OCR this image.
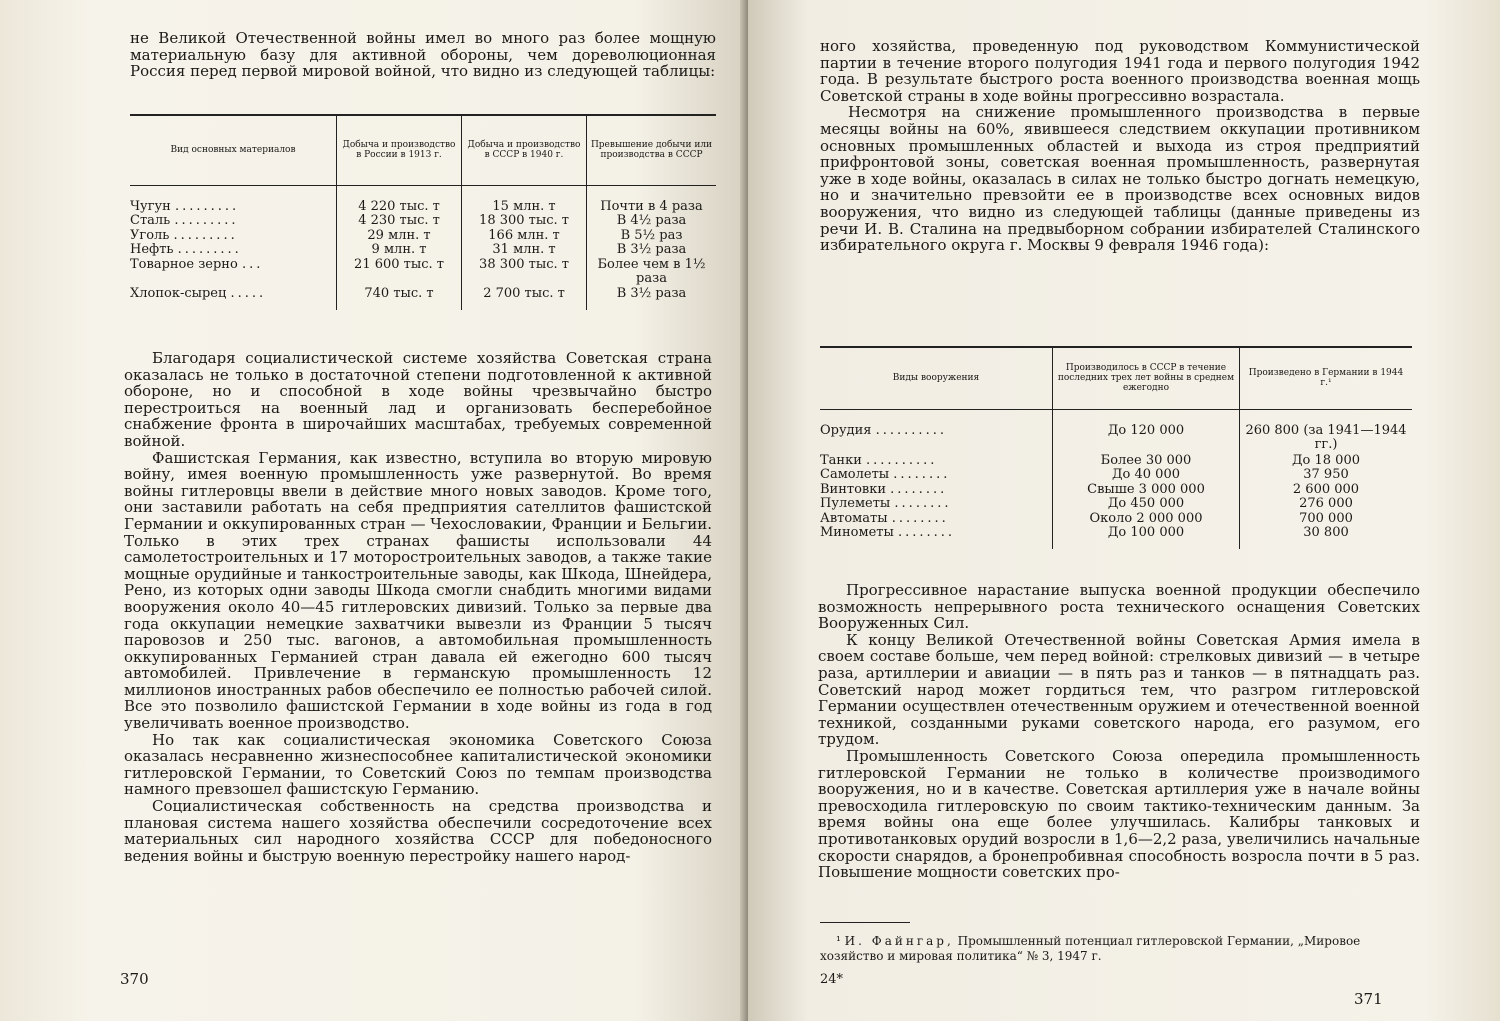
не Великой Отечественной войны имел во много раз более мощную материальную базу для активной обороны, чем дореволюционная Россия перед первой мировой войной, что видно из следующей таблицы:

Вид основных материалов	Добыча и производство в России в 1913 г.	Добыча и производство в СССР в 1940 г.	Превышение добычи или производства в СССР

Чугун .........	4 220 тыс. т	15 млн. т	Почти в 4 раза
Сталь .........	4 230 тыс. т	18 300 тыс. т	В 4½ раза
Уголь .........	29 млн. т	166 млн. т	В 5½ раз
Нефть .........	9 млн. т	31 млн. т	В 3½ раза
Товарное зерно ...	21 600 тыс. т	38 300 тыс. т	Более чем в 1½ раза
Хлопок-сырец .....	740 тыс. т	2 700 тыс. т	В 3½ раза

Благодаря социалистической системе хозяйства Советская страна оказалась не только в достаточной степени подготовленной к активной обороне, но и способной в ходе войны чрезвычайно быстро перестроиться на военный лад и организовать бесперебойное снабжение фронта в широчайших масштабах, требуемых современной войной.

Фашистская Германия, как известно, вступила во вторую мировую войну, имея военную промышленность уже развернутой. Во время войны гитлеровцы ввели в действие много новых заводов. Кроме того, они заставили работать на себя предприятия сателлитов фашистской Германии и оккупированных стран — Чехословакии, Франции и Бельгии. Только в этих трех странах фашисты использовали 44 самолетостроительных и 17 моторостроительных заводов, а также такие мощные орудийные и танкостроительные заводы, как Шкода, Шнейдера, Рено, из которых одни заводы Шкода смогли снабдить многими видами вооружения около 40—45 гитлеровских дивизий. Только за первые два года оккупации немецкие захватчики вывезли из Франции 5 тысяч паровозов и 250 тыс. вагонов, а автомобильная промышленность оккупированных Германией стран давала ей ежегодно 600 тысяч автомобилей. Привлечение в германскую промышленность 12 миллионов иностранных рабов обеспечило ее полностью рабочей силой. Все это позволило фашистской Германии в ходе войны из года в год увеличивать военное производство.

Но так как социалистическая экономика Советского Союза оказалась несравненно жизнеспособнее капиталистической экономики гитлеровской Германии, то Советский Союз по темпам производства намного превзошел фашистскую Германию.

Социалистическая собственность на средства производства и плановая система нашего хозяйства обеспечили сосредоточение всех материальных сил народного хозяйства СССР для победоносного ведения войны и быструю военную перестройку нашего народ-

370

ного хозяйства, проведенную под руководством Коммунистической партии в течение второго полугодия 1941 года и первого полугодия 1942 года. В результате быстрого роста военного производства военная мощь Советской страны в ходе войны прогрессивно возрастала.

Несмотря на снижение промышленного производства в первые месяцы войны на 60%, явившееся следствием оккупации противником основных промышленных областей и выхода из строя предприятий прифронтовой зоны, советская военная промышленность, развернутая уже в ходе войны, оказалась в силах не только быстро догнать немецкую, но и значительно превзойти ее в производстве всех основных видов вооружения, что видно из следующей таблицы (данные приведены из речи И. В. Сталина на предвыборном собрании избирателей Сталинского избирательного округа г. Москвы 9 февраля 1946 года):

Виды вооружения	Производилось в СССР в течение последних трех лет войны в среднем ежегодно	Произведено в Германии в 1944 г.¹

Орудия ..........	До 120 000	260 800 (за 1941—1944 гг.)
Танки ..........	Более 30 000	До 18 000
Самолеты ........	До 40 000	37 950
Винтовки ........	Свыше 3 000 000	2 600 000
Пулеметы ........	До 450 000	276 000
Автоматы ........	Около 2 000 000	700 000
Минометы ........	До 100 000	30 800

Прогрессивное нарастание выпуска военной продукции обеспечило возможность непрерывного роста технического оснащения Советских Вооруженных Сил.

К концу Великой Отечественной войны Советская Армия имела в своем составе больше, чем перед войной: стрелковых дивизий — в четыре раза, артиллерии и авиации — в пять раз и танков — в пятнадцать раз. Советский народ может гордиться тем, что разгром гитлеровской Германии осуществлен отечественным оружием и отечественной военной техникой, созданными руками советского народа, его разумом, его трудом.

Промышленность Советского Союза опередила промышленность гитлеровской Германии не только в количестве производимого вооружения, но и в качестве. Советская артиллерия уже в начале войны превосходила гитлеровскую по своим тактико-техническим данным. За время войны она еще более улучшилась. Калибры танковых и противотанковых орудий возросли в 1,6—2,2 раза, увеличились начальные скорости снарядов, а бронепробивная способность возросла почти в 5 раз. Повышение мощности советских про-

¹ И. Файнгар, Промышленный потенциал гитлеровской Германии, „Мировое хозяйство и мировая политика“ № 3, 1947 г.
24*
371
